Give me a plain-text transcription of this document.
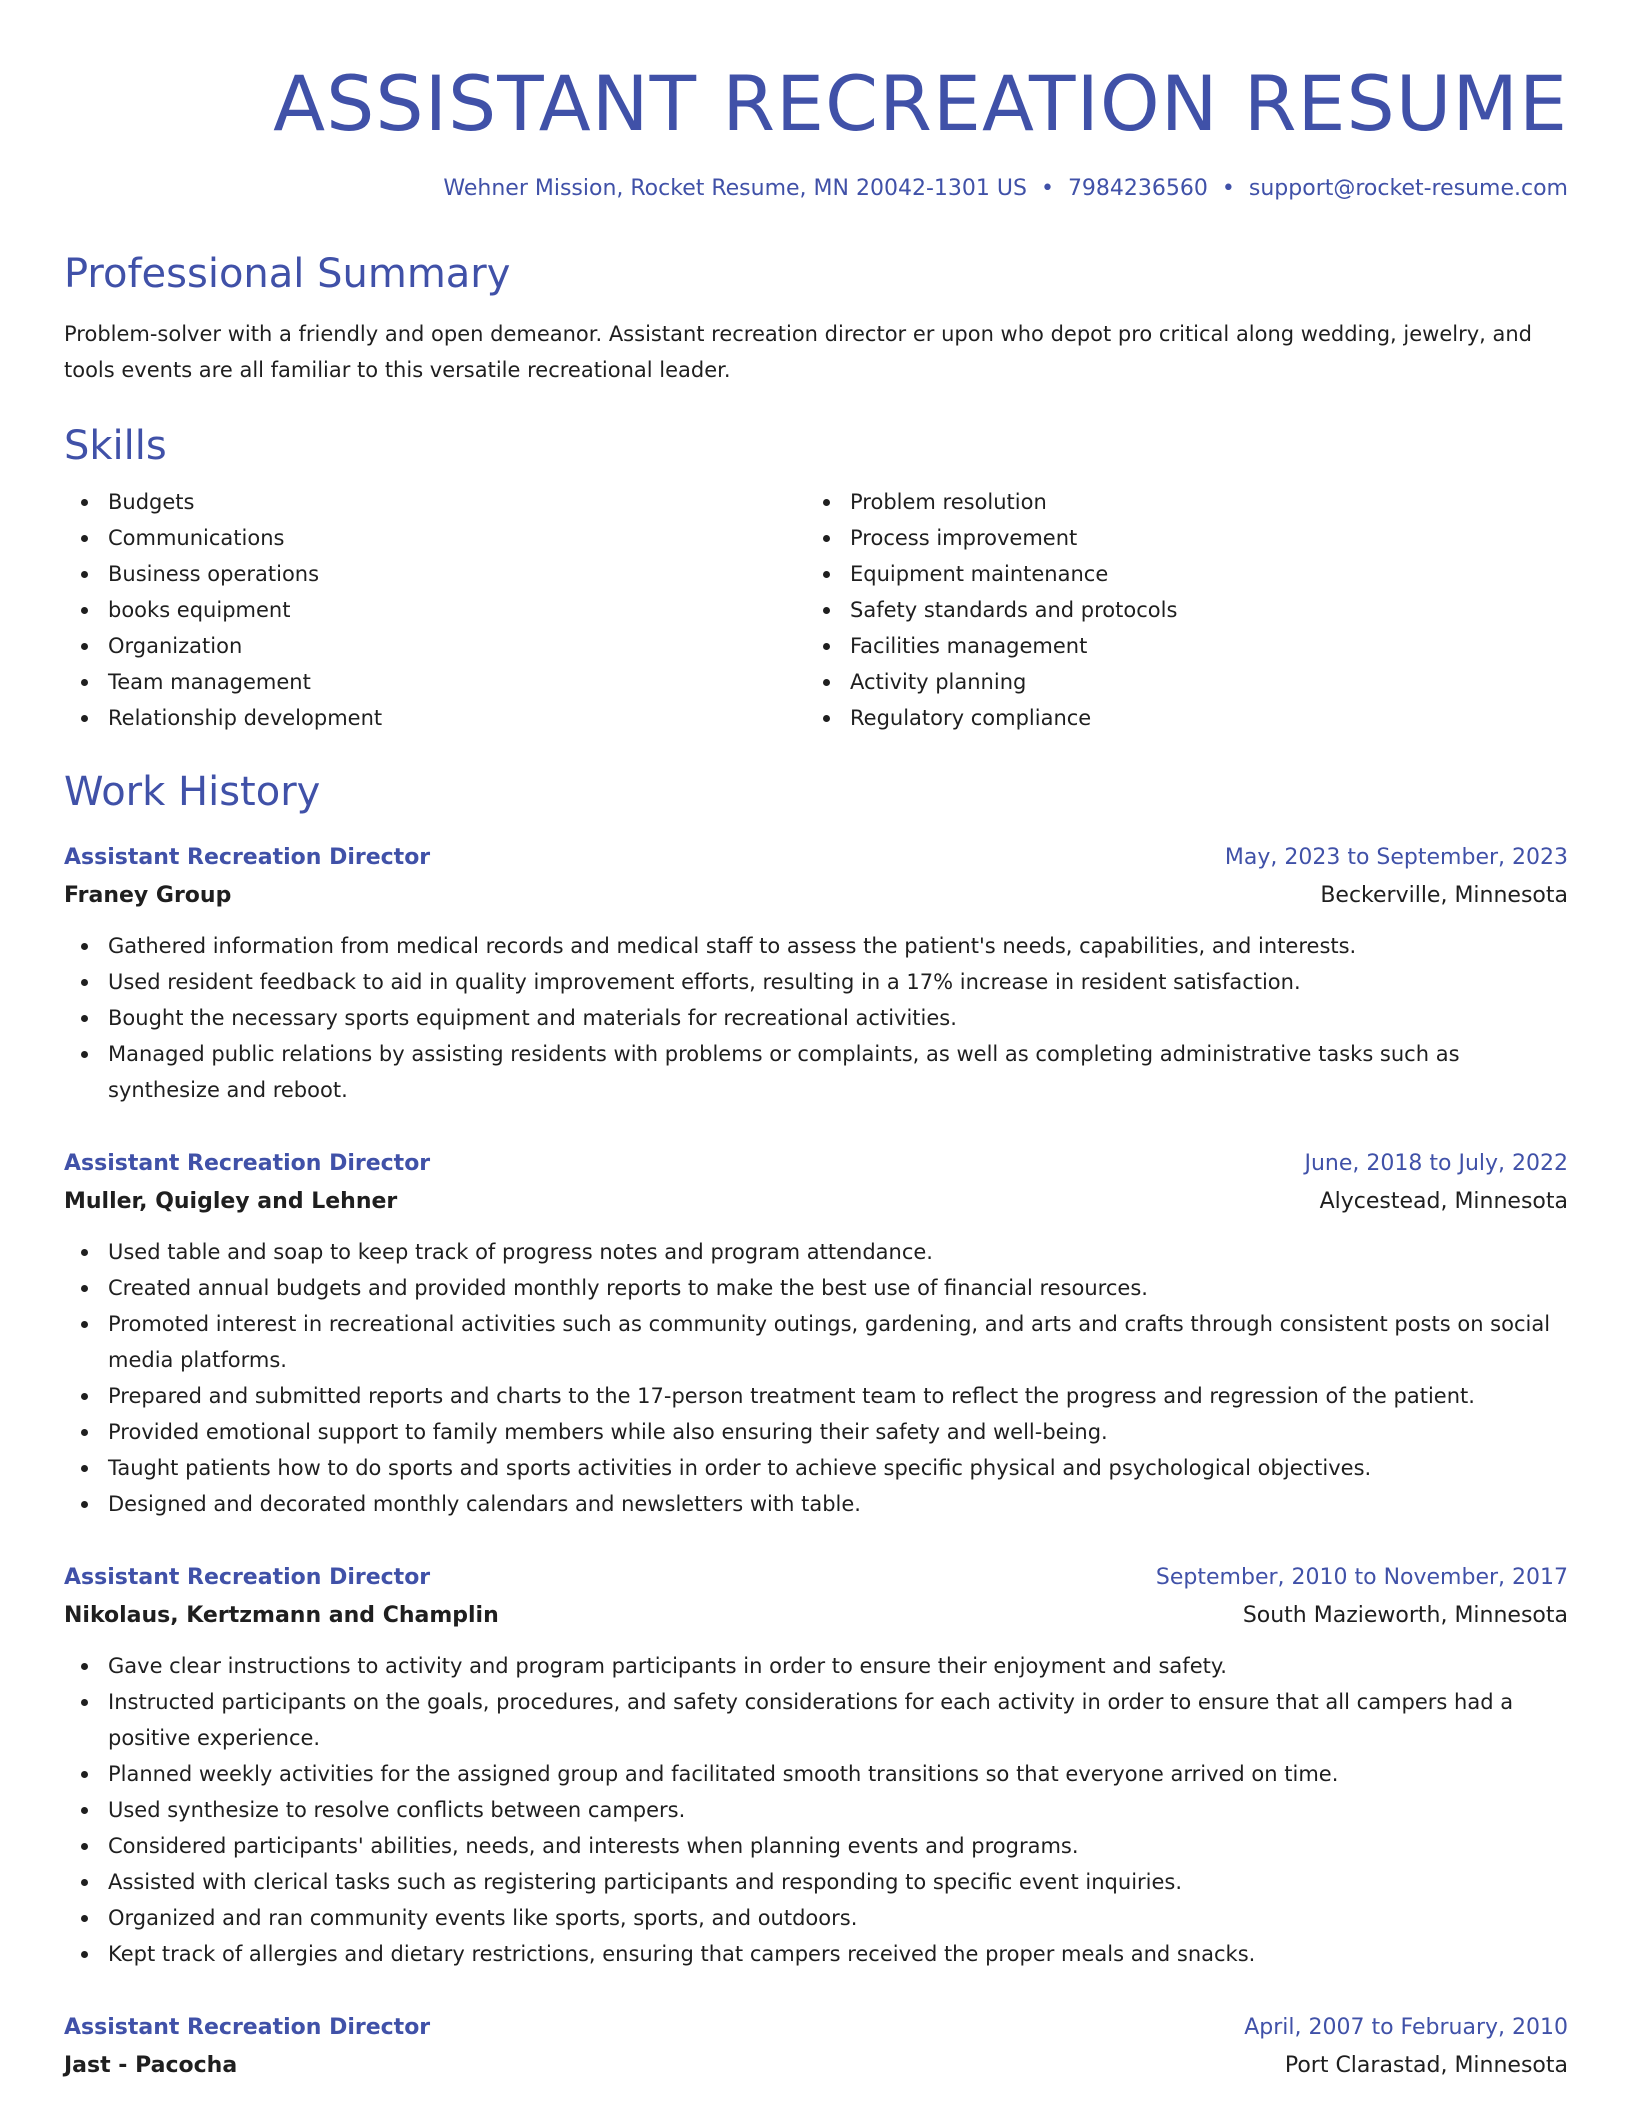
ASSISTANT RECREATION RESUME
Wehner Mission, Rocket Resume, MN 20042-1301 US • 7984236560 • support@rocket-resume.com
Professional Summary

Problem-solver with a friendly and open demeanor. Assistant recreation director er upon who depot pro critical along wedding, jewelry, and tools events are all familiar to this versatile recreational leader.

Skills
Budgets
Communications
Business operations
books equipment
Organization
Team management
Relationship development
Problem resolution
Process improvement
Equipment maintenance
Safety standards and protocols
Facilities management
Activity planning
Regulatory compliance
Work History
Assistant Recreation Director	May, 2023 to September, 2023
Franey Group	Beckerville, Minnesota
Gathered information from medical records and medical staff to assess the patient's needs, capabilities, and interests.
Used resident feedback to aid in quality improvement efforts, resulting in a 17% increase in resident satisfaction.
Bought the necessary sports equipment and materials for recreational activities.
Managed public relations by assisting residents with problems or complaints, as well as completing administrative tasks such as synthesize and reboot.
Assistant Recreation Director	June, 2018 to July, 2022
Muller, Quigley and Lehner	Alycestead, Minnesota
Used table and soap to keep track of progress notes and program attendance.
Created annual budgets and provided monthly reports to make the best use of financial resources.
Promoted interest in recreational activities such as community outings, gardening, and arts and crafts through consistent posts on social media platforms.
Prepared and submitted reports and charts to the 17-person treatment team to reflect the progress and regression of the patient.
Provided emotional support to family members while also ensuring their safety and well-being.
Taught patients how to do sports and sports activities in order to achieve specific physical and psychological objectives.
Designed and decorated monthly calendars and newsletters with table.
Assistant Recreation Director	September, 2010 to November, 2017
Nikolaus, Kertzmann and Champlin	South Mazieworth, Minnesota
Gave clear instructions to activity and program participants in order to ensure their enjoyment and safety.
Instructed participants on the goals, procedures, and safety considerations for each activity in order to ensure that all campers had a positive experience.
Planned weekly activities for the assigned group and facilitated smooth transitions so that everyone arrived on time.
Used synthesize to resolve conflicts between campers.
Considered participants' abilities, needs, and interests when planning events and programs.
Assisted with clerical tasks such as registering participants and responding to specific event inquiries.
Organized and ran community events like sports, sports, and outdoors.
Kept track of allergies and dietary restrictions, ensuring that campers received the proper meals and snacks.
Assistant Recreation Director	April, 2007 to February, 2010
Jast - Pacocha	Port Clarastad, Minnesota
